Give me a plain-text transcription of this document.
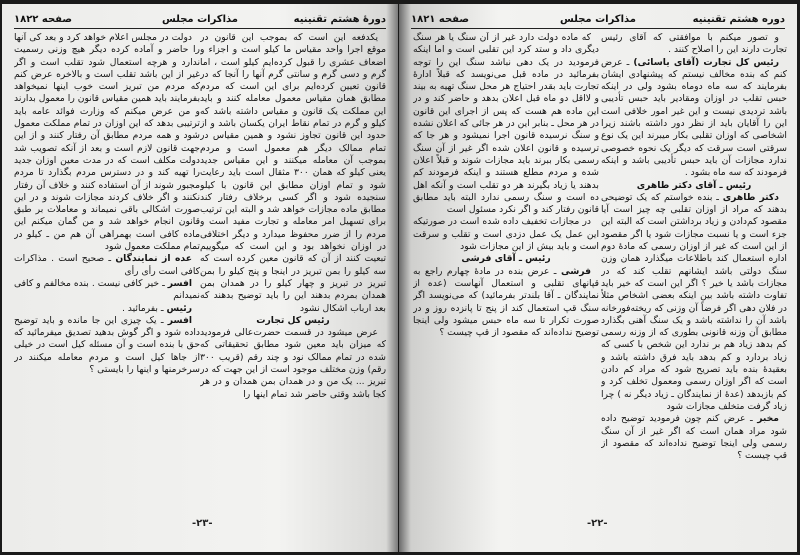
دورهٔ هشتم تقنینیه
مذاکرات مجلس
صفحه ۱۸۲۲

یکدفعه این است که بموجب این قانون در موقع اجرا واحد مقیاس ما کیلو است و اجزاء و اضعاف عشری را قبول کرده‌ایم کیلو است ، اما گرم و دسی گرم و سانتی گرم آنها را آنجا که در قانون تعیین کرده‌ایم برای این است که مردم مطابق همان مقیاس معمول معامله کنند و باید این مملکت یک قانون و مقیاس داشته باشد که کیلو و گرم در تمام نقاط ایران یکسان باشد و از حدود این قانون تجاوز نشود و همین مقیاس در تمام ممالک دیگر هم معمول است و مردم بموجب آن معامله میکنند و این مقیاس جدید یعنی کیلو که همان ۳۰۰ مثقال است باید رعایت شود و تمام اوزان مطابق این قانون با کیلو سنجیده شود و اگر کسی برخلاف رفتار کند مطابق ماده مجازات خواهد شد و البته این ترتیب برای تسهیل امر معامله و تجارت مفید است و مردم را از ضرر محفوظ میدارد و دیگر اختلافی در اوزان نخواهد بود و این است که میگوییم تبعیت کنند از آن که قانون معین کرده است که سه کیلو را بمن تبریز در اینجا و پنج کیلو را بمن تبریز در تبریز و چهار کیلو را در همدان بمن همدان بمردم بدهند این را باید توضیح بدهند که بعد ارباب اشکال نشود

رئیس کل تجارت

عرض میشود در قسمت حضرت‌عالی فرمودید که میزان باید معین شود مطابق تحقیقاتی که شده در تمام ممالک نود و چند رقم (قریب ۳۰۰ رقم) وزن مختلف موجود است از این جهت که در تبریز ... یک من و در همدان بمن همدان و در هر کجا باشد وقتی حاضر شد تمام اینها را

دولت در مجلس اعلام خواهد کرد و بعد کی آنها را حاضر و آماده کرده دیگر هیچ وزنی رسمیت ندارد و هرچه استعمال شود تقلب است و اگر غیر از این باشد تقلب است و بالاخره عرض کنم که مردم من تبریز است خوب اینها نمیخواهد بفرمایند باید همین مقیاس قانون را معمول بدارند و من عرض میکنم که وزارت فوائد عامه باید ترتیبی بدهد که این اوزان در تمام مملکت معمول شود و همه مردم مطابق آن رفتار کنند و از این جهت قانون لازم است و بعد از آنکه تصویب شد دولت مکلف است که در مدت معین اوزان جدید را تهیه کند و در دسترس مردم بگذارد تا مردم مجبور شوند از آن استفاده کنند و خلاف آن رفتار نکنند و اگر خلاف کردند مجازات شوند و در این صورت اشکالی باقی نمیماند و معاملات بر طبق قانون انجام خواهد شد و من گمان میکنم این ماده کافی است بهمراهی آن هم من ـ کیلو در تمام مملکت معمول شود

عده از نمایندگان ـ صحیح است . مذاکرات کافی است رأی رأی

افسر ـ خیر کافی نیست . بنده مخالفم و کافی نمیدانم

رئیس ـ بفرمائید .

افسر ـ یک چیزی این جا مانده و باید توضیح داده شود و اگر گوش بدهید تصدیق میفرمائید که حق با بنده است و آن مسئله کیل است در خیلی از جاها کیل است و مردم معامله میکنند در سرخرمنها و اینها را بایستی ؟

-۲۳-
دوره هشتم تقنینیه
مذاکرات مجلس
صفحه ۱۸۲۱

و تصور میکنم با موافقتی که آقای رئیس تجارت دارند این را اصلاح کنند .

رئیس کل تجارت (آقای یاسائی) ـ عرض کنم که بنده مخالف نیستم که پیشنهادی ایشان بفرمایند که سه ماه دوماه بشود ولی در اینکه حبس تقلب در اوزان ومقادیر باید حبس تأدیبی باشد تردیدی نیست و این غیر امور خلافی است این را آقایان باید از نظر دور داشته باشند زیرا اشخاصی که اوزان تقلبی بکار میبرند این یک نوع سرقتی است سرقت که دیگر یک نحوه خصوصی ندارد مجازات آن باید حبس تأدیبی باشد و اینکه فرمودند که سه ماه بشود .

رئیس ـ آقای دکتر طاهری

دکتر طاهری ـ بنده خواستم که یک توضیحی بدهند که مراد از اوزان تقلبی چه چیز است آیا مقصود کم‌دادن و زیاد برداشتن است که البته این جزء است و یا نسبت مجازات شود یا اگر مقصود از این است که غیر از اوزان رسمی که مادهٔ دوم اداره استعمال کند باطلاعات میگذارد همان وزن سنگ دولتی باشد ایشانهم تقلب کند که در مجازات باشد یا خیر ؟ اگر این است که خیر باید تفاوت داشته باشد بین اینکه بعضی اشخاص مثلاً در فلان دهی اگر فرضاً آن وزنی که ریخته‌فورخانه باشد آن را نداشته باشد و یک سنگ آهنی بگذارد مطابق آن وزنه قانونی بطوری که از وزنه رسمی کم بدهد زیاد هم بر ندارد این شخص با کسی که زیاد بردارد و کم بدهد باید فرق داشته باشد و بعقیدهٔ بنده باید تصریح شود که مراد کم دادن است که اگر اوزان رسمی ومعمول تخلف کرد و کم بازبدهد (عدهٔ از نمایندگان ـ زیاد دیگر نه ) چرا زیاد گرفت متخلف مجازات شود

مخبر ـ عرض کنم چون فرمودید توضیح داده شود مراد همان است که اگر غیر از آن سنگ رسمی ولی اینجا توضیح نداده‌اند که مقصود از قپ چیست ؟

که ماده دولت دارد غیر از آن سنگ یا هر سنگ دیگری داد و ستد کرد این تقلبی است و اما اینکه فرمودید در یک دهی نباشد سنگ این را توجه بفرمائید در ماده قبل می‌نویسد که قبلاً ادارهٔ تجارت باید بقدر احتیاج هر محل سنگ تهیه به بیند و لااقل دو ماه قبل اعلان بدهد و حاضر کند و در این ماده هم هست که پس از اجرای این قانون در هر محل ـ بنابر این در هر جائی که اعلان نشده و سنگ نرسیده قانون اجرا نمیشود و هر جا که ترسیده و قانون اعلان شده اگر غیر از آن سنگ رسمی بکار ببرند باید مجازات شوند و قبلاً اعلان شده و مردم مطلع هستند و اینکه فرمودند کم بدهند یا زیاد بگیرند هر دو تقلب است و آنکه اهل ده است و سنگ رسمی ندارد البته باید مطابق قانون رفتار کند و اگر نکرد مسئول است

در مجازات تخفیف داده شده است در صورتیکه این عمل یک عمل دزدی است و تقلب و سرقت است و باید بیش از این مجازات شود

رئیس ـ آقای فرشی

فرشی ـ عرض بنده در مادهٔ چهارم راجع به قپانهای تقلبی و استعمال آنهاست (عده از نمایندگان ـ آقا بلندتر بفرمائید) که می‌نویسد اگر سنگ قپ استعمال کند از پنج تا پانزده روز و در صورت تکرار تا سه ماه حبس میشود ولی اینجا توضیح نداده‌اند که مقصود از قپ چیست ؟

-۲۲-
